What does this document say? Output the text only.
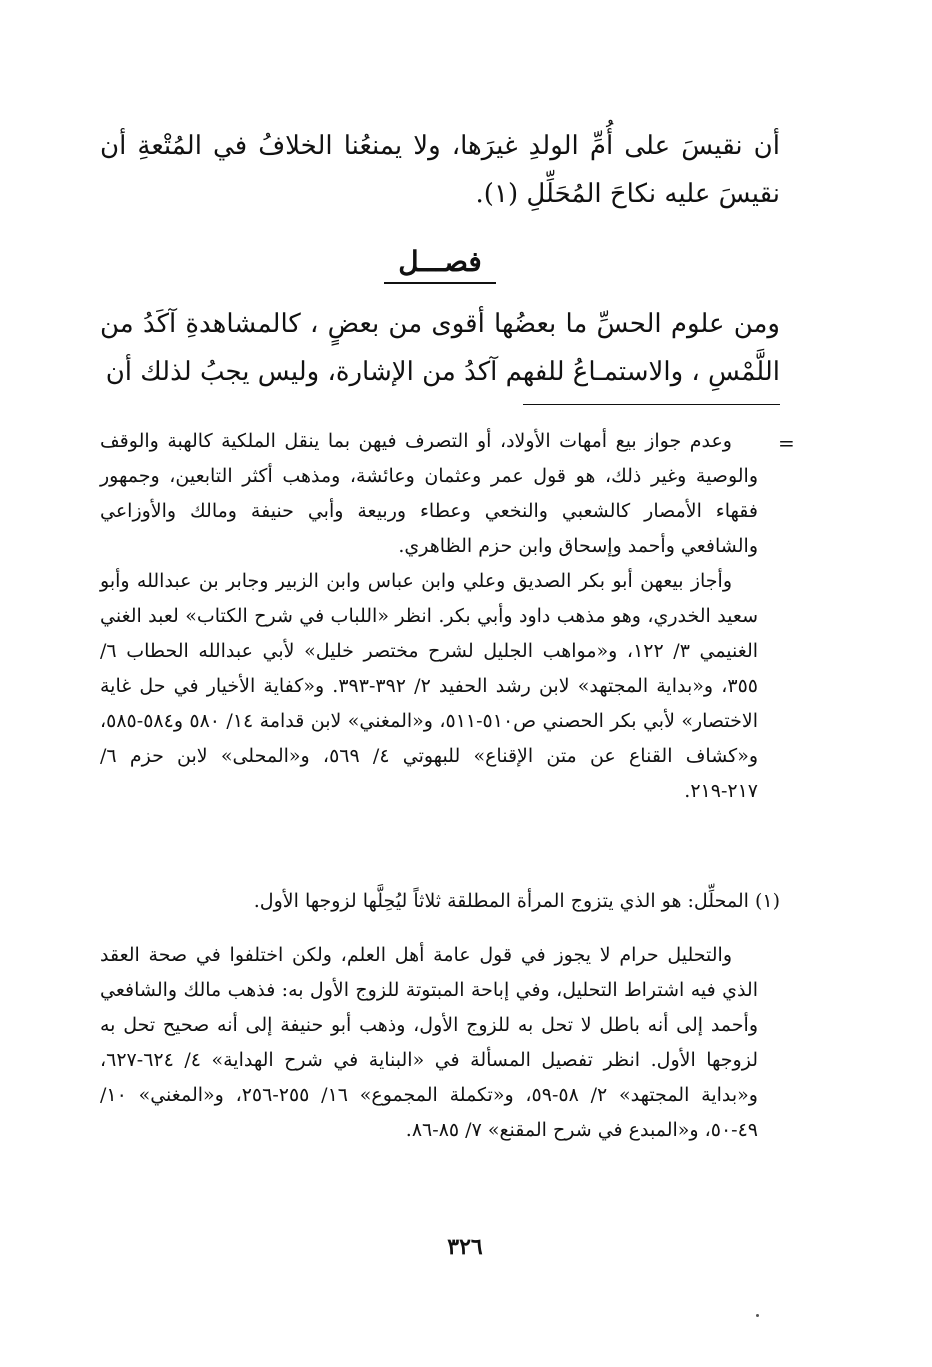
أن نقيسَ على أُمِّ الولدِ غيرَها، ولا يمنعُنا الخلافُ في المُتْعةِ أن نقيسَ عليه نكاحَ المُحَلِّلِ (١).

فصـــل

ومن علوم الحسِّ ما بعضُها أقوى من بعضٍ ، كالمشاهدةِ آكَدُ من اللَّمْسِ ، والاستمـاعُ للفهم آكدُ من الإشارة، وليس يجبُ لذلك أن

=

وعدم جواز بيع أمهات الأولاد، أو التصرف فيهن بما ينقل الملكية كالهبة والوقف والوصية وغير ذلك، هو قول عمر وعثمان وعائشة، ومذهب أكثر التابعين، وجمهور فقهاء الأمصار كالشعبي والنخعي وعطاء وربيعة وأبي حنيفة ومالك والأوزاعي والشافعي وأحمد وإسحاق وابن حزم الظاهري.

وأجاز بيعهن أبو بكر الصديق وعلي وابن عباس وابن الزبير وجابر بن عبدالله وأبو سعيد الخدري، وهو مذهب داود وأبي بكر. انظر «اللباب في شرح الكتاب» لعبد الغني الغنيمي ٣/ ١٢٢، و«مواهب الجليل لشرح مختصر خليل» لأبي عبدالله الحطاب ٦/ ٣٥٥، و«بداية المجتهد» لابن رشد الحفيد ٢/ ٣٩٢-٣٩٣. و«كفاية الأخيار في حل غاية الاختصار» لأبي بكر الحصني ص٥١٠-٥١١، و«المغني» لابن قدامة ١٤/ ٥٨٠ و٥٨٤-٥٨٥، و«كشاف القناع عن متن الإقناع» للبهوتي ٤/ ٥٦٩، و«المحلى» لابن حزم ٦/ ٢١٧-٢١٩.

(١) المحلِّل: هو الذي يتزوج المرأة المطلقة ثلاثاً ليُحِلَّها لزوجها الأول.

والتحليل حرام لا يجوز في قول عامة أهل العلم، ولكن اختلفوا في صحة العقد الذي فيه اشتراط التحليل، وفي إباحة المبتوتة للزوج الأول به: فذهب مالك والشافعي وأحمد إلى أنه باطل لا تحل به للزوج الأول، وذهب أبو حنيفة إلى أنه صحيح تحل به لزوجها الأول. انظر تفصيل المسألة في «البناية في شرح الهداية» ٤/ ٦٢٤-٦٢٧، و«بداية المجتهد» ٢/ ٥٨-٥٩، و«تكملة المجموع» ١٦/ ٢٥٥-٢٥٦، و«المغني» ١٠/ ٤٩-٥٠، و«المبدع في شرح المقنع» ٧/ ٨٥-٨٦.

٣٢٦
